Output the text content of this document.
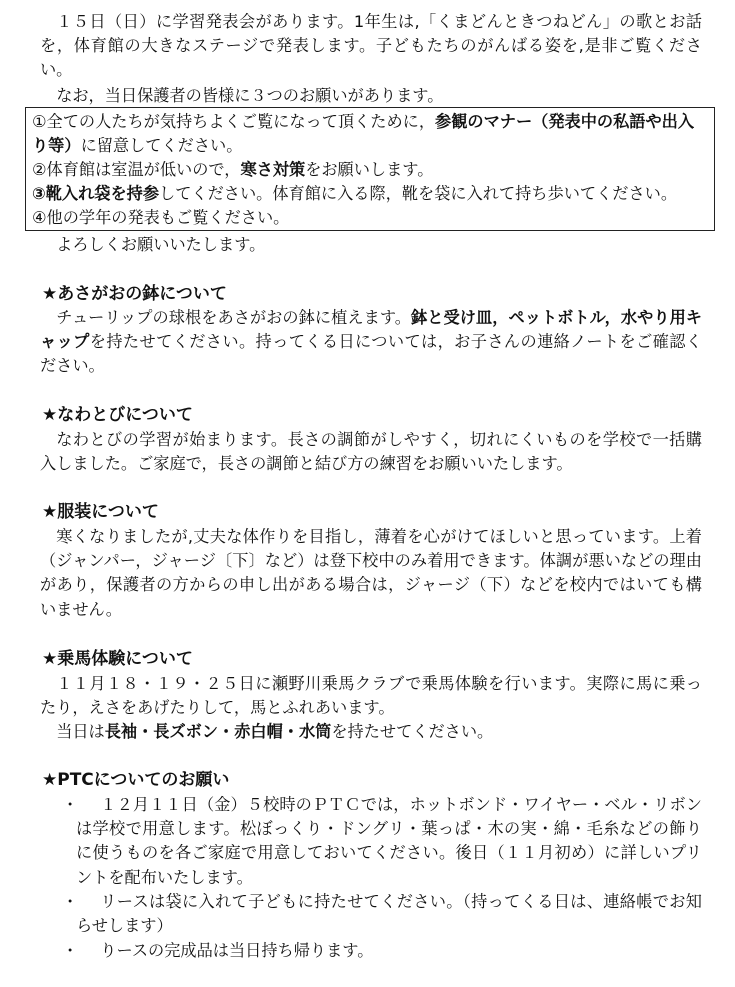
１５日（日）に学習発表会があります。1年生は,「くまどんときつねどん」の歌とお話を，体育館の大きなステージで発表します。子どもたちのがんばる姿を,是非ご覧ください。

なお，当日保護者の皆様に３つのお願いがあります。

①全ての人たちが気持ちよくご覧になって頂くために，参観のマナー（発表中の私語や出入り等）に留意してください。

②体育館は室温が低いので，寒さ対策をお願いします。

③靴入れ袋を持参してください。体育館に入る際，靴を袋に入れて持ち歩いてください。

④他の学年の発表もご覧ください。

よろしくお願いいたします。

★あさがおの鉢について

チューリップの球根をあさがおの鉢に植えます。鉢と受け皿，ペットボトル，水やり用キャップを持たせてください。持ってくる日については，お子さんの連絡ノートをご確認ください。

★なわとびについて

なわとびの学習が始まります。長さの調節がしやすく，切れにくいものを学校で一括購入しました。ご家庭で，長さの調節と結び方の練習をお願いいたします。

★服装について

寒くなりましたが,丈夫な体作りを目指し，薄着を心がけてほしいと思っています。上着（ジャンパー，ジャージ〔下〕など）は登下校中のみ着用できます。体調が悪いなどの理由があり，保護者の方からの申し出がある場合は，ジャージ（下）などを校内ではいても構いません。

★乗馬体験について

１１月１８・１９・２５日に瀬野川乗馬クラブで乗馬体験を行います。実際に馬に乗ったり，えさをあげたりして，馬とふれあいます。

当日は長袖・長ズボン・赤白帽・水筒を持たせてください。

★PTCについてのお願い
・	１２月１１日（金）５校時のＰＴＣでは，ホットボンド・ワイヤー・ベル・リボンは学校で用意します。松ぼっくり・ドングリ・葉っぱ・木の実・綿・毛糸などの飾りに使うものを各ご家庭で用意しておいてください。後日（１１月初め）に詳しいプリントを配布いたします。
・	リースは袋に入れて子どもに持たせてください。（持ってくる日は、連絡帳でお知らせします）
・	りースの完成品は当日持ち帰ります。
